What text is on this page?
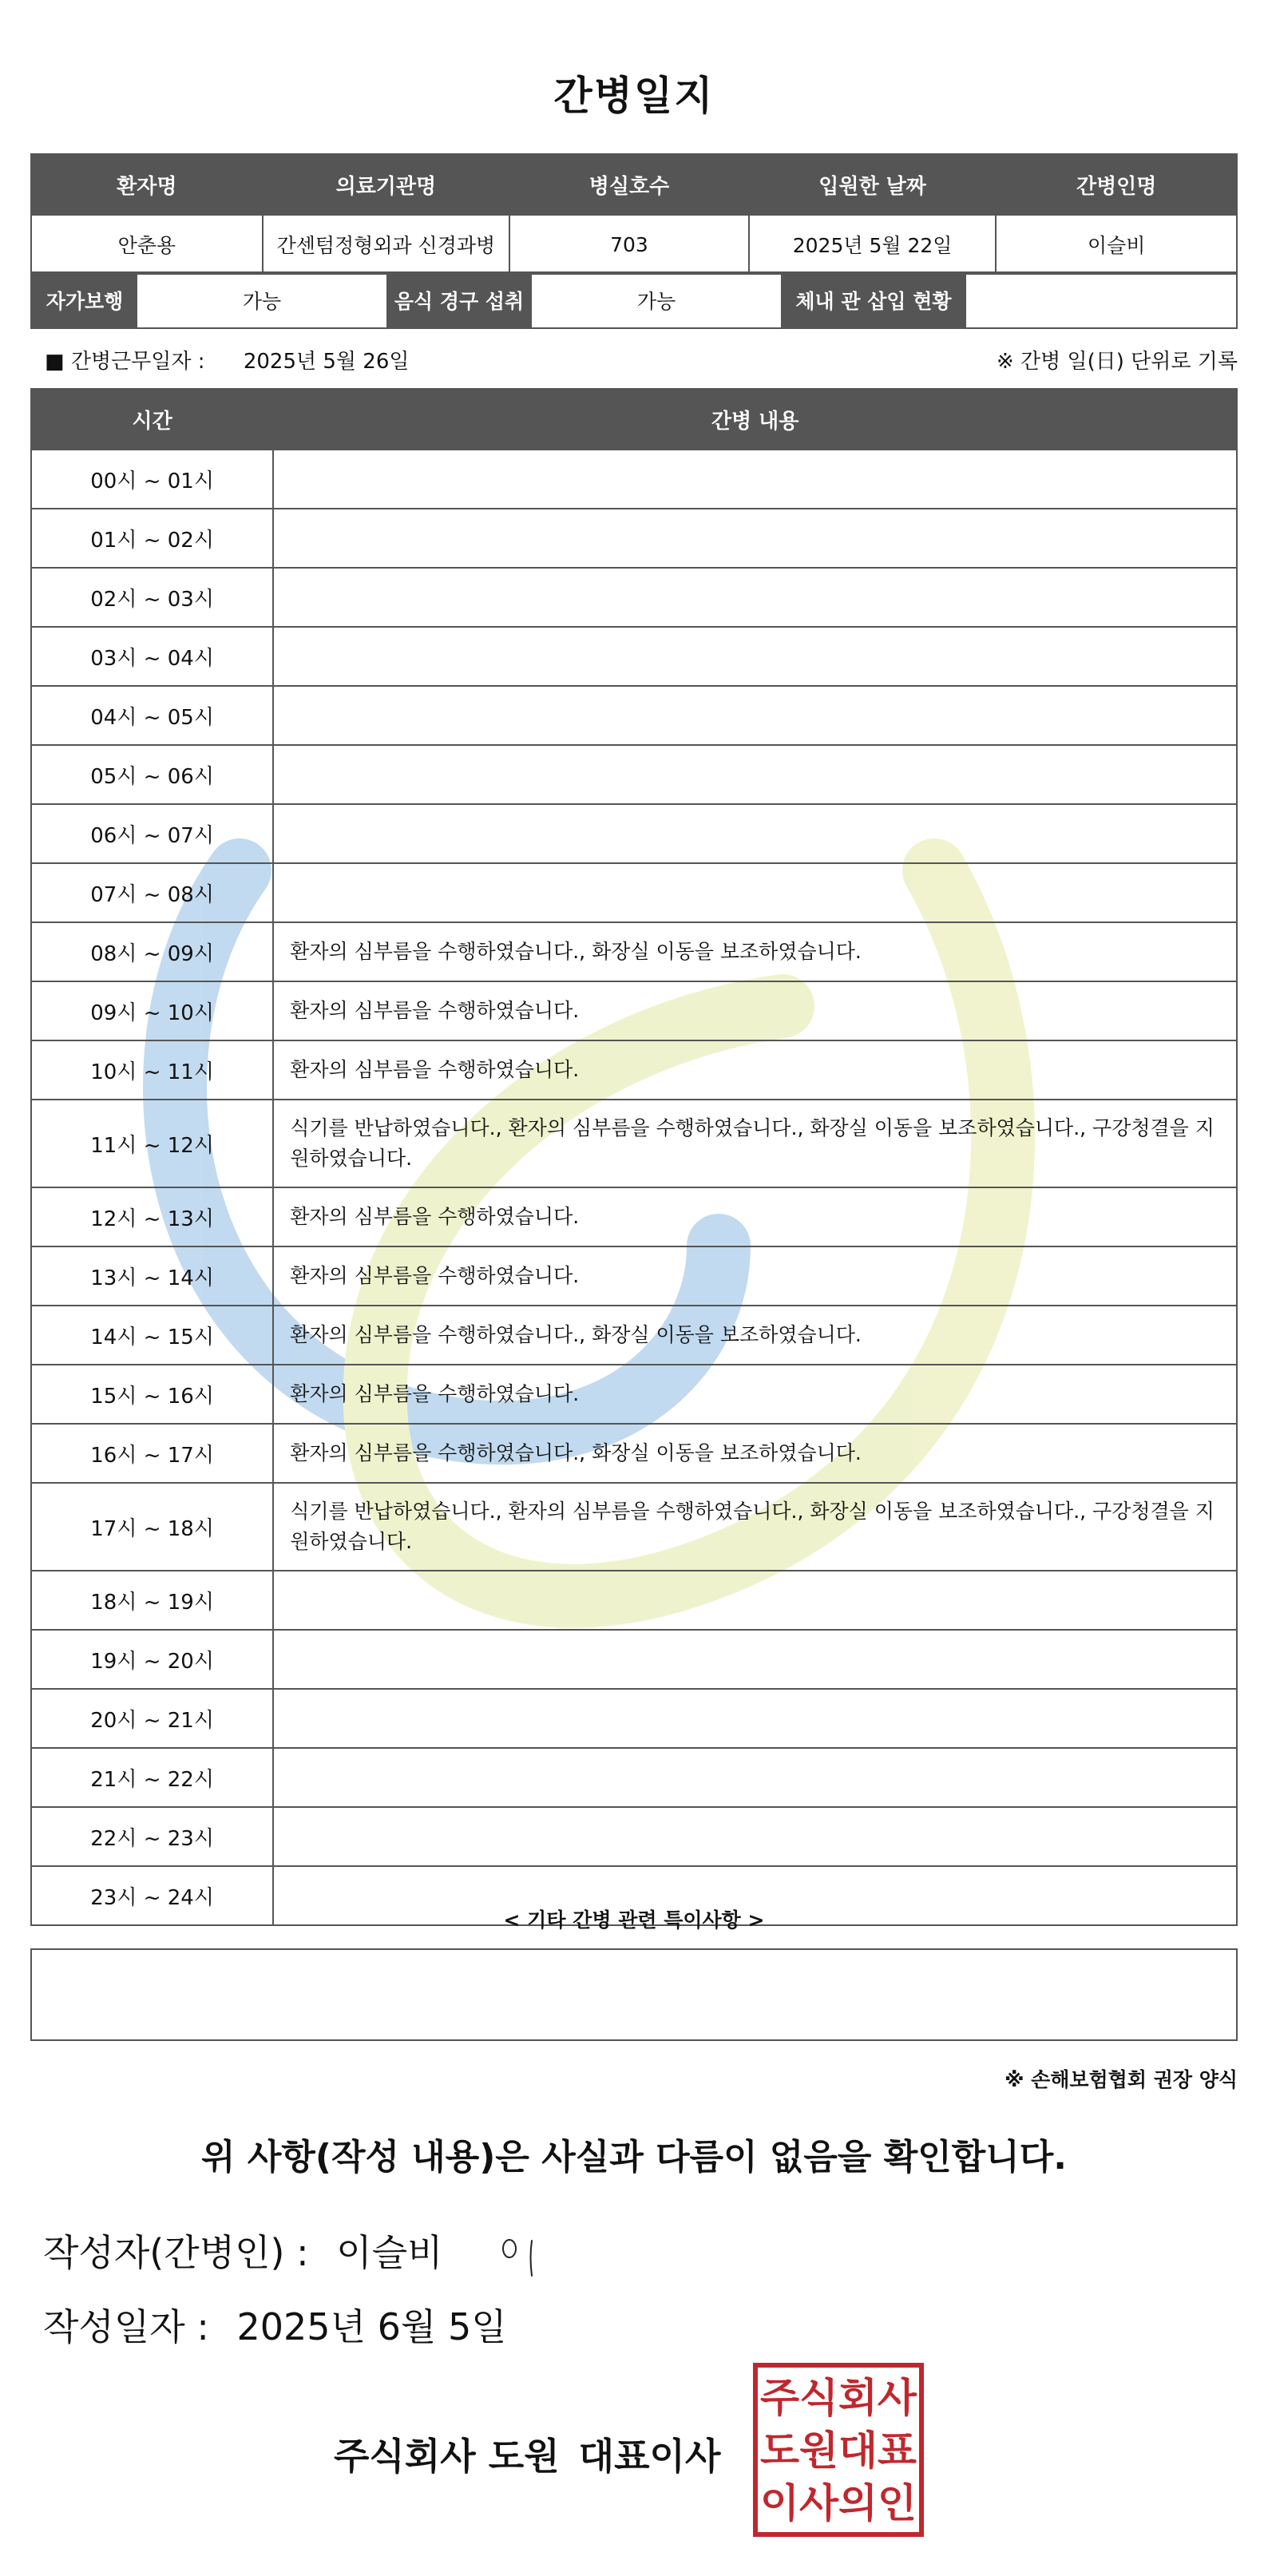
간병일지
환자명	의료기관명	병실호수	입원한 날짜	간병인명
안춘용	간센텀정형외과 신경과병	703	2025년 5월 22일	이슬비
자가보행	가능	음식 경구 섭취	가능	체내 관 삽입 현황
■ 간병근무일자 : 2025년 5월 26일	※ 간병 일(日) 단위로 기록
시간	간병 내용
00시 ~ 01시	
01시 ~ 02시	
02시 ~ 03시	
03시 ~ 04시	
04시 ~ 05시	
05시 ~ 06시	
06시 ~ 07시	
07시 ~ 08시	
08시 ~ 09시	환자의 심부름을 수행하였습니다., 화장실 이동을 보조하였습니다.
09시 ~ 10시	환자의 심부름을 수행하였습니다.
10시 ~ 11시	환자의 심부름을 수행하였습니다.
11시 ~ 12시	식기를 반납하였습니다., 환자의 심부름을 수행하였습니다., 화장실 이동을 보조하였습니다., 구강청결을 지원하였습니다.
12시 ~ 13시	환자의 심부름을 수행하였습니다.
13시 ~ 14시	환자의 심부름을 수행하였습니다.
14시 ~ 15시	환자의 심부름을 수행하였습니다., 화장실 이동을 보조하였습니다.
15시 ~ 16시	환자의 심부름을 수행하였습니다.
16시 ~ 17시	환자의 심부름을 수행하였습니다., 화장실 이동을 보조하였습니다.
17시 ~ 18시	식기를 반납하였습니다., 환자의 심부름을 수행하였습니다., 화장실 이동을 보조하였습니다., 구강청결을 지원하였습니다.
18시 ~ 19시	
19시 ~ 20시	
20시 ~ 21시	
21시 ~ 22시	
22시 ~ 23시	
23시 ~ 24시	
< 기타 간병 관련 특이사항 >
※ 손해보험협회 권장 양식
위 사항(작성 내용)은 사실과 다름이 없음을 확인합니다.
작성자(간병인) : 이슬비
작성일자 : 2025년 6월 5일
주식회사 도원 대표이사
주식회사
도원대표
이사의인
